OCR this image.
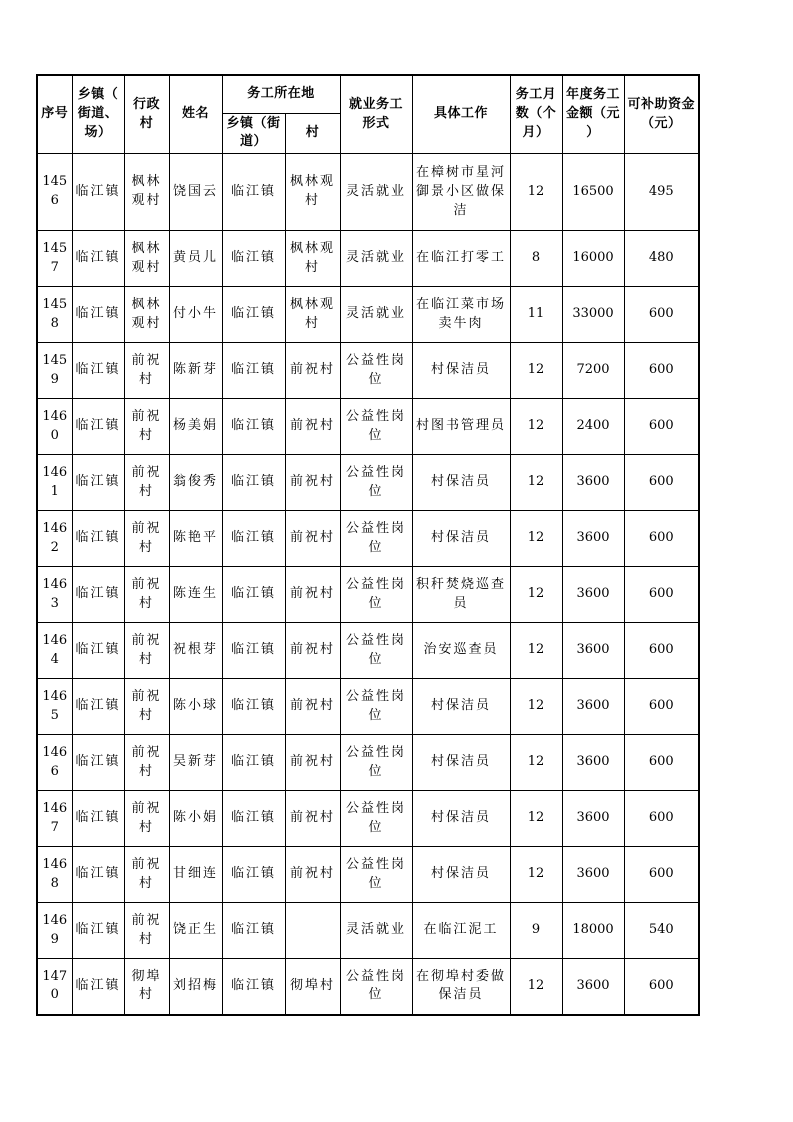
序号	乡镇（街道、场）	行政村	姓名	务工所在地		就业务工形式	具体工作	务工月数（个月）	年度务工金额（元）	可补助资金（元）
				乡镇（街道）	村					
1456	临江镇	枫林观村	饶国云	临江镇	枫林观村	灵活就业	在樟树市星河御景小区做保洁	12	16500	495
1457	临江镇	枫林观村	黄员儿	临江镇	枫林观村	灵活就业	在临江打零工	8	16000	480
1458	临江镇	枫林观村	付小牛	临江镇	枫林观村	灵活就业	在临江菜市场卖牛肉	11	33000	600
1459	临江镇	前祝村	陈新芽	临江镇	前祝村	公益性岗位	村保洁员	12	7200	600
1460	临江镇	前祝村	杨美娟	临江镇	前祝村	公益性岗位	村图书管理员	12	2400	600
1461	临江镇	前祝村	翁俊秀	临江镇	前祝村	公益性岗位	村保洁员	12	3600	600
1462	临江镇	前祝村	陈艳平	临江镇	前祝村	公益性岗位	村保洁员	12	3600	600
1463	临江镇	前祝村	陈连生	临江镇	前祝村	公益性岗位	积秆焚烧巡查员	12	3600	600
1464	临江镇	前祝村	祝根芽	临江镇	前祝村	公益性岗位	治安巡查员	12	3600	600
1465	临江镇	前祝村	陈小球	临江镇	前祝村	公益性岗位	村保洁员	12	3600	600
1466	临江镇	前祝村	吴新芽	临江镇	前祝村	公益性岗位	村保洁员	12	3600	600
1467	临江镇	前祝村	陈小娟	临江镇	前祝村	公益性岗位	村保洁员	12	3600	600
1468	临江镇	前祝村	甘细连	临江镇	前祝村	公益性岗位	村保洁员	12	3600	600
1469	临江镇	前祝村	饶正生	临江镇		灵活就业	在临江泥工	9	18000	540
1470	临江镇	彻埠村	刘招梅	临江镇	彻埠村	公益性岗位	在彻埠村委做保洁员	12	3600	600
